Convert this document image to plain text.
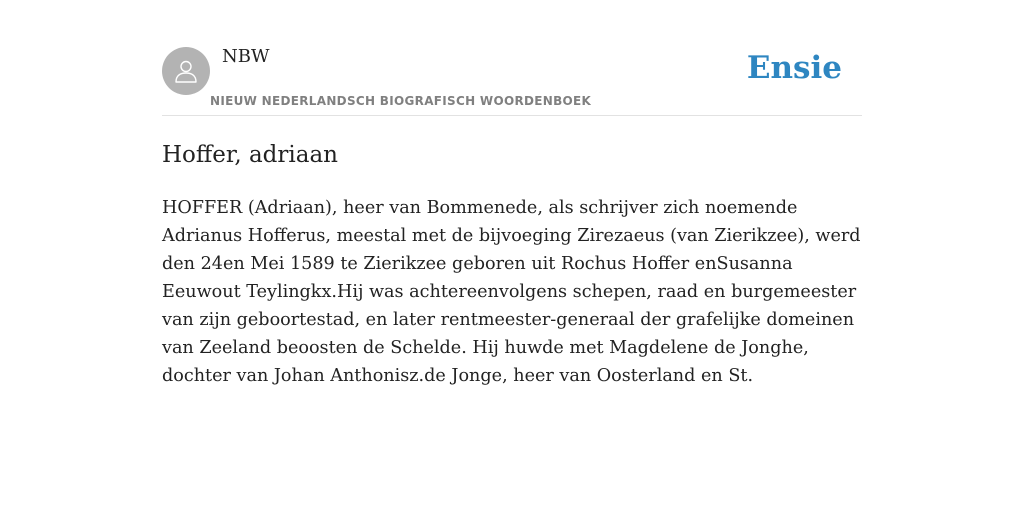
NBW
NIEUW NEDERLANDSCH BIOGRAFISCH WOORDENBOEK
Ensie
Hoffer, adriaan

HOFFER (Adriaan), heer van Bommenede, als schrijver zich noemende Adrianus Hofferus, meestal met de bijvoeging Zirezaeus (van Zierikzee), werd den 24en Mei 1589 te Zierikzee geboren uit Rochus Hoffer enSusanna Eeuwout Teylingkx.Hij was achtereenvolgens schepen, raad en burgemeester van zijn geboortestad, en later rentmeester-generaal der grafelijke domeinen van Zeeland beoosten de Schelde. Hij huwde met Magdelene de Jonghe, dochter van Johan Anthonisz.de Jonge, heer van Oosterland en St.
